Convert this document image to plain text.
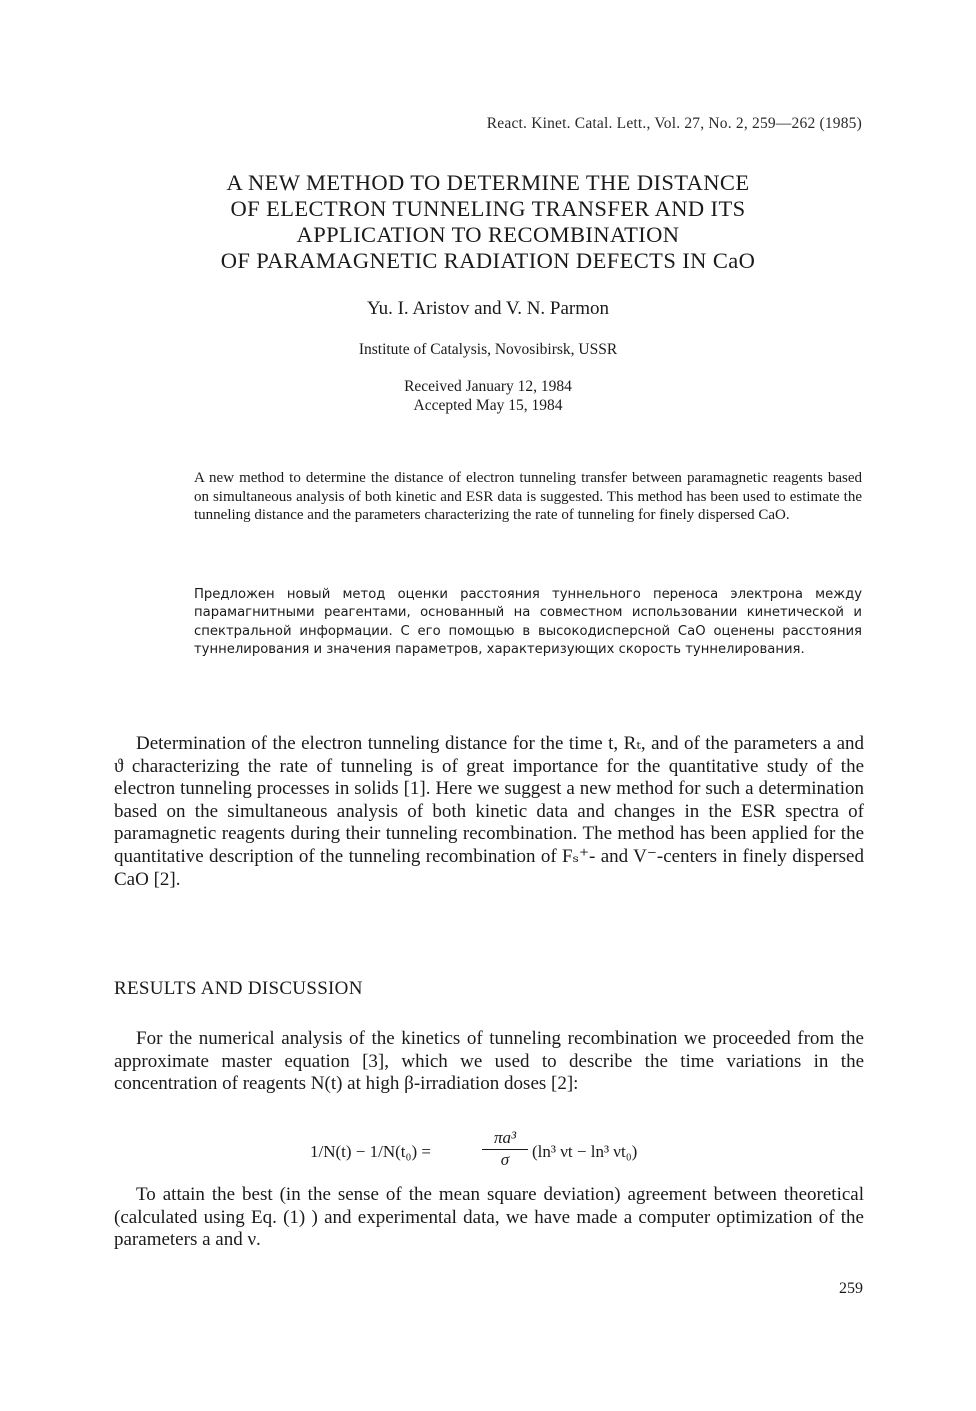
React. Kinet. Catal. Lett., Vol. 27, No. 2, 259—262 (1985)
A NEW METHOD TO DETERMINE THE DISTANCE
OF ELECTRON TUNNELING TRANSFER AND ITS
APPLICATION TO RECOMBINATION
OF PARAMAGNETIC RADIATION DEFECTS IN CaO
Yu. I. Aristov and V. N. Parmon
Institute of Catalysis, Novosibirsk, USSR
Received January 12, 1984
Accepted May 15, 1984

A new method to determine the distance of electron tunneling transfer between paramagnetic reagents based on simultaneous analysis of both kinetic and ESR data is suggested. This method has been used to estimate the tunneling distance and the parameters characterizing the rate of tunneling for finely dispersed CaO.

Предложен новый метод оценки расстояния туннельного переноса электрона между парамагнитными реагентами, основанный на совместном использовании кинетической и спектральной информации. С его помощью в высокодисперсной CaO оценены расстояния туннелирования и значения параметров, характеризующих скорость туннелирования.

Determination of the electron tunneling distance for the time t, Rₜ, and of the parameters a and ϑ characterizing the rate of tunneling is of great importance for the quantitative study of the electron tunneling processes in solids [1]. Here we suggest a new method for such a determination based on the simultaneous analysis of both kinetic data and changes in the ESR spectra of paramagnetic reagents during their tunneling recombination. The method has been applied for the quantitative description of the tunneling recombination of Fₛ⁺- and V⁻-centers in finely dispersed CaO [2].

RESULTS AND DISCUSSION

For the numerical analysis of the kinetics of tunneling recombination we proceeded from the approximate master equation [3], which we used to describe the time variations in the concentration of reagents N(t) at high β-irradiation doses [2]:

1/N(t) − 1/N(t₀) =	$\frac{\text{πa³}}{\sigma} (\ln^3$ νt − ln³ νt₀)

To attain the best (in the sense of the mean square deviation) agreement between theoretical (calculated using Eq. (1) ) and experimental data, we have made a computer optimization of the parameters a and ν.

259
